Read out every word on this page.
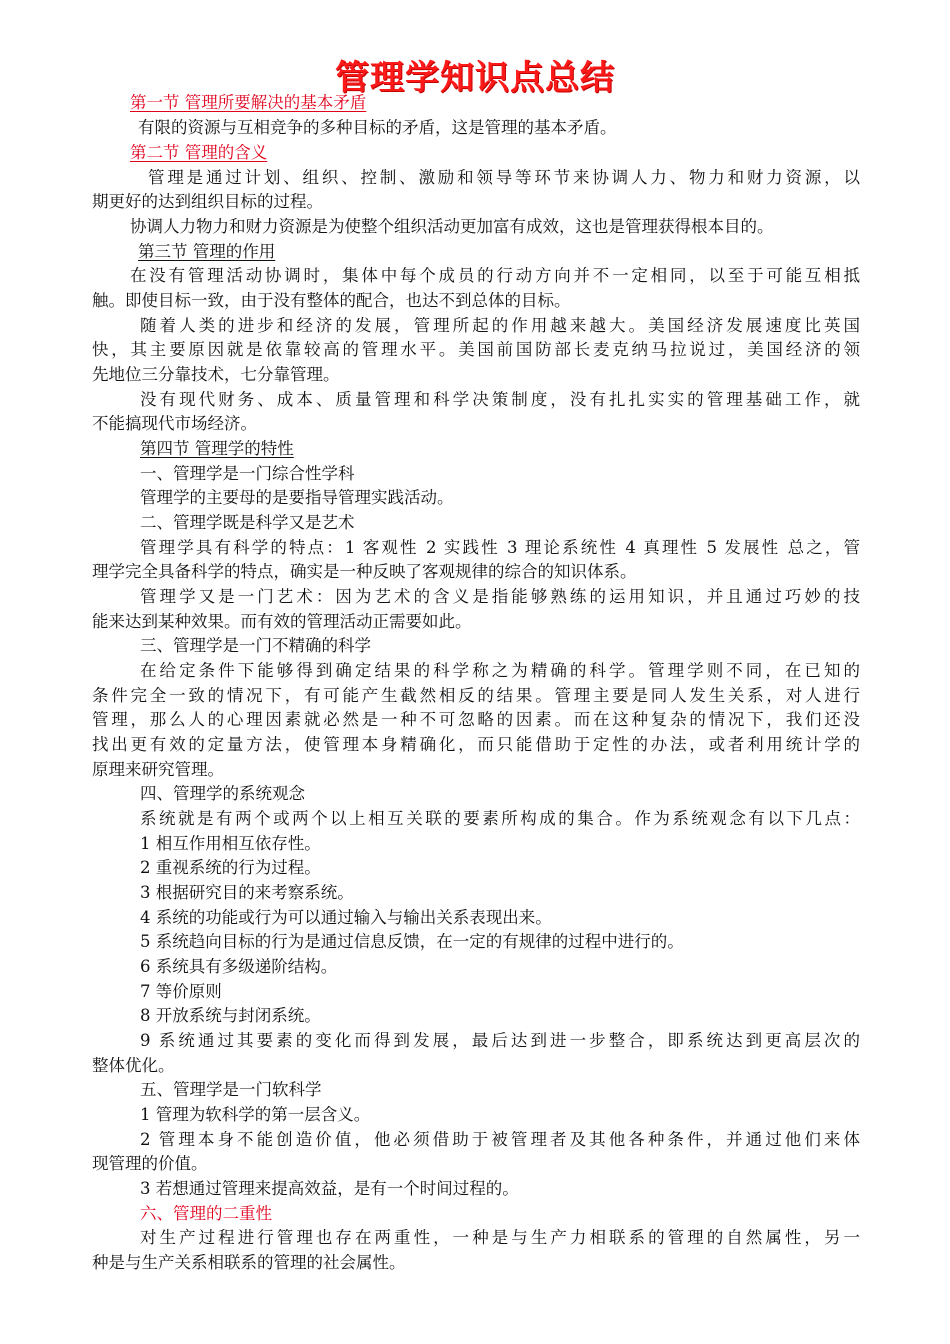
管理学知识点总结
第一节 管理所要解决的基本矛盾
有限的资源与互相竞争的多种目标的矛盾，这是管理的基本矛盾。
第二节 管理的含义
管理是通过计划、组织、控制、激励和领导等环节来协调人力、物力和财力资源，以
期更好的达到组织目标的过程。
协调人力物力和财力资源是为使整个组织活动更加富有成效，这也是管理获得根本目的。
第三节 管理的作用
在没有管理活动协调时，集体中每个成员的行动方向并不一定相同，以至于可能互相抵
触。即使目标一致，由于没有整体的配合，也达不到总体的目标。
随着人类的进步和经济的发展，管理所起的作用越来越大。美国经济发展速度比英国
快，其主要原因就是依靠较高的管理水平。美国前国防部长麦克纳马拉说过，美国经济的领
先地位三分靠技术，七分靠管理。
没有现代财务、成本、质量管理和科学决策制度，没有扎扎实实的管理基础工作，就
不能搞现代市场经济。
第四节 管理学的特性
一、管理学是一门综合性学科
管理学的主要母的是要指导管理实践活动。
二、管理学既是科学又是艺术
管理学具有科学的特点：1 客观性 2 实践性 3 理论系统性 4 真理性 5 发展性 总之，管
理学完全具备科学的特点，确实是一种反映了客观规律的综合的知识体系。
管理学又是一门艺术：因为艺术的含义是指能够熟练的运用知识，并且通过巧妙的技
能来达到某种效果。而有效的管理活动正需要如此。
三、管理学是一门不精确的科学
在给定条件下能够得到确定结果的科学称之为精确的科学。管理学则不同，在已知的
条件完全一致的情况下，有可能产生截然相反的结果。管理主要是同人发生关系，对人进行
管理，那么人的心理因素就必然是一种不可忽略的因素。而在这种复杂的情况下，我们还没
找出更有效的定量方法，使管理本身精确化，而只能借助于定性的办法，或者利用统计学的
原理来研究管理。
四、管理学的系统观念
系统就是有两个或两个以上相互关联的要素所构成的集合。作为系统观念有以下几点：
1 相互作用相互依存性。
2 重视系统的行为过程。
3 根据研究目的来考察系统。
4 系统的功能或行为可以通过输入与输出关系表现出来。
5 系统趋向目标的行为是通过信息反馈，在一定的有规律的过程中进行的。
6 系统具有多级递阶结构。
7 等价原则
8 开放系统与封闭系统。
9 系统通过其要素的变化而得到发展，最后达到进一步整合，即系统达到更高层次的
整体优化。
五、管理学是一门软科学
1 管理为软科学的第一层含义。
2 管理本身不能创造价值，他必须借助于被管理者及其他各种条件，并通过他们来体
现管理的价值。
3 若想通过管理来提高效益，是有一个时间过程的。
六、管理的二重性
对生产过程进行管理也存在两重性，一种是与生产力相联系的管理的自然属性，另一
种是与生产关系相联系的管理的社会属性。
